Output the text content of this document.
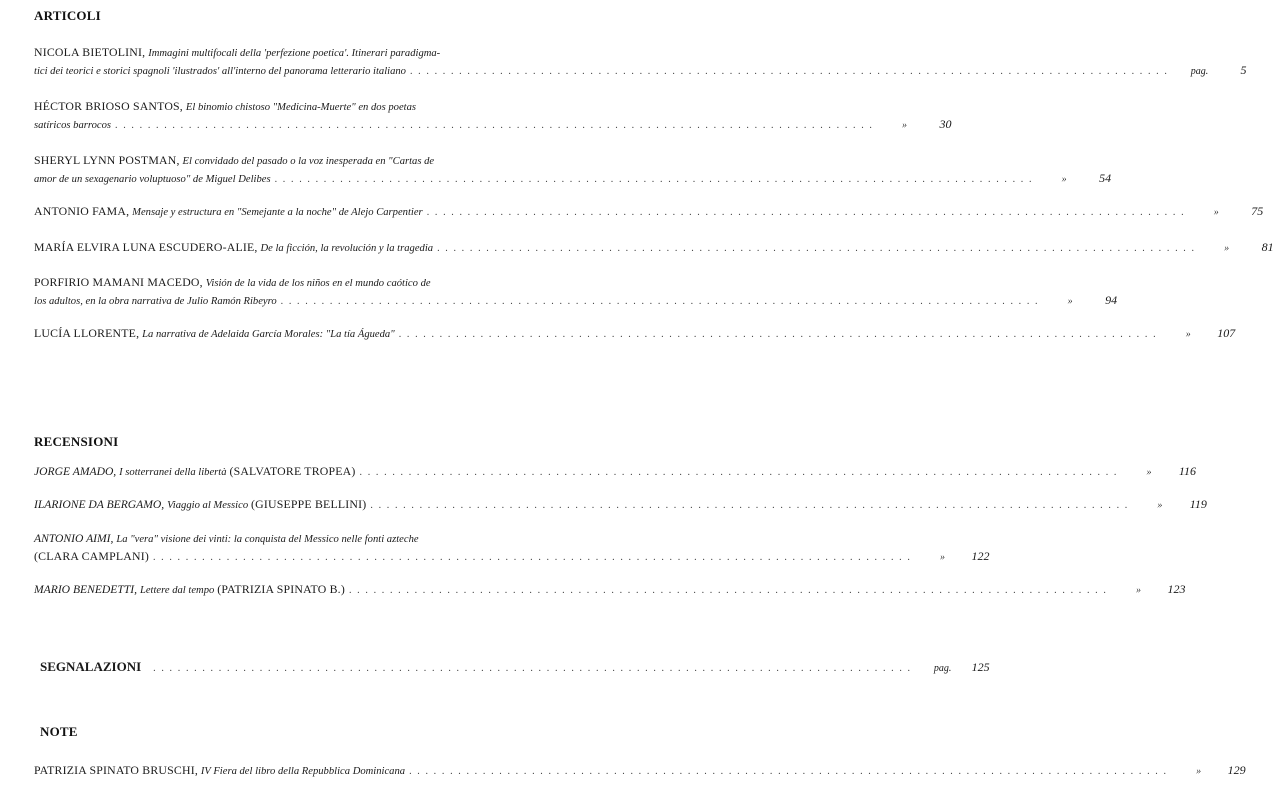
ARTICOLI
NICOLA BIETOLINI, Immagini multifocali della 'perfezione poetica'. Itinerari paradigma-
tici dei teorici e storici spagnoli 'ilustrados' all'interno del panorama letterario italiano . . . . . . . . . . . . . . . . . . . . . . . . . . . . . . . . . . . . . . . . . . . . . . . . . . . . . . . . . . . . . . . . . . . . . . . . . . . . . . . . . . . . . . . . . . . . .	pag.	5
HÉCTOR BRIOSO SANTOS, El binomio chistoso "Medicina-Muerte" en dos poetas
satíricos barrocos . . . . . . . . . . . . . . . . . . . . . . . . . . . . . . . . . . . . . . . . . . . . . . . . . . . . . . . . . . . . . . . . . . . . . . . . . . . . . . . . . . . . . . . . . . . . .	»	30
SHERYL LYNN POSTMAN, El convidado del pasado o la voz inesperada en "Cartas de
amor de un sexagenario voluptuoso" de Miguel Delibes . . . . . . . . . . . . . . . . . . . . . . . . . . . . . . . . . . . . . . . . . . . . . . . . . . . . . . . . . . . . . . . . . . . . . . . . . . . . . . . . . . . . . . . . . . . . .	»	54
ANTONIO FAMA, Mensaje y estructura en "Semejante a la noche" de Alejo Carpentier . . . . . . . . . . . . . . . . . . . . . . . . . . . . . . . . . . . . . . . . . . . . . . . . . . . . . . . . . . . . . . . . . . . . . . . . . . . . . . . . . . . . . . . . . . . . .	»	75
MARÍA ELVIRA LUNA ESCUDERO-ALIE, De la ficción, la revolución y la tragedia . . . . . . . . . . . . . . . . . . . . . . . . . . . . . . . . . . . . . . . . . . . . . . . . . . . . . . . . . . . . . . . . . . . . . . . . . . . . . . . . . . . . . . . . . . . . .	»	81
PORFIRIO MAMANI MACEDO, Visión de la vida de los niños en el mundo caótico de
los adultos, en la obra narrativa de Julio Ramón Ribeyro . . . . . . . . . . . . . . . . . . . . . . . . . . . . . . . . . . . . . . . . . . . . . . . . . . . . . . . . . . . . . . . . . . . . . . . . . . . . . . . . . . . . . . . . . . . . .	»	94
LUCÍA LLORENTE, La narrativa de Adelaida García Morales: "La tía Águeda" . . . . . . . . . . . . . . . . . . . . . . . . . . . . . . . . . . . . . . . . . . . . . . . . . . . . . . . . . . . . . . . . . . . . . . . . . . . . . . . . . . . . . . . . . . . . .	»	107
RECENSIONI
JORGE AMADO, I sotterranei della libertà (SALVATORE TROPEA) . . . . . . . . . . . . . . . . . . . . . . . . . . . . . . . . . . . . . . . . . . . . . . . . . . . . . . . . . . . . . . . . . . . . . . . . . . . . . . . . . . . . . . . . . . . . .	»	116
ILARIONE DA BERGAMO, Viaggio al Messico (GIUSEPPE BELLINI) . . . . . . . . . . . . . . . . . . . . . . . . . . . . . . . . . . . . . . . . . . . . . . . . . . . . . . . . . . . . . . . . . . . . . . . . . . . . . . . . . . . . . . . . . . . . .	»	119
ANTONIO AIMI, La "vera" visione dei vinti: la conquista del Messico nelle fonti azteche
(CLARA CAMPLANI) . . . . . . . . . . . . . . . . . . . . . . . . . . . . . . . . . . . . . . . . . . . . . . . . . . . . . . . . . . . . . . . . . . . . . . . . . . . . . . . . . . . . . . . . . . . . .	»	122
MARIO BENEDETTI, Lettere dal tempo (PATRIZIA SPINATO B.) . . . . . . . . . . . . . . . . . . . . . . . . . . . . . . . . . . . . . . . . . . . . . . . . . . . . . . . . . . . . . . . . . . . . . . . . . . . . . . . . . . . . . . . . . . . . .	»	123
SEGNALAZIONI . . . . . . . . . . . . . . . . . . . . . . . . . . . . . . . . . . . . . . . . . . . . . . . . . . . . . . . . . . . . . . . . . . . . . . . . . . . . . . . . . . . . . . . . . . . . .	pag.	125
NOTE
PATRIZIA SPINATO BRUSCHI, IV Fiera del libro della Repubblica Dominicana . . . . . . . . . . . . . . . . . . . . . . . . . . . . . . . . . . . . . . . . . . . . . . . . . . . . . . . . . . . . . . . . . . . . . . . . . . . . . . . . . . . . . . . . . . . . .	»	129
